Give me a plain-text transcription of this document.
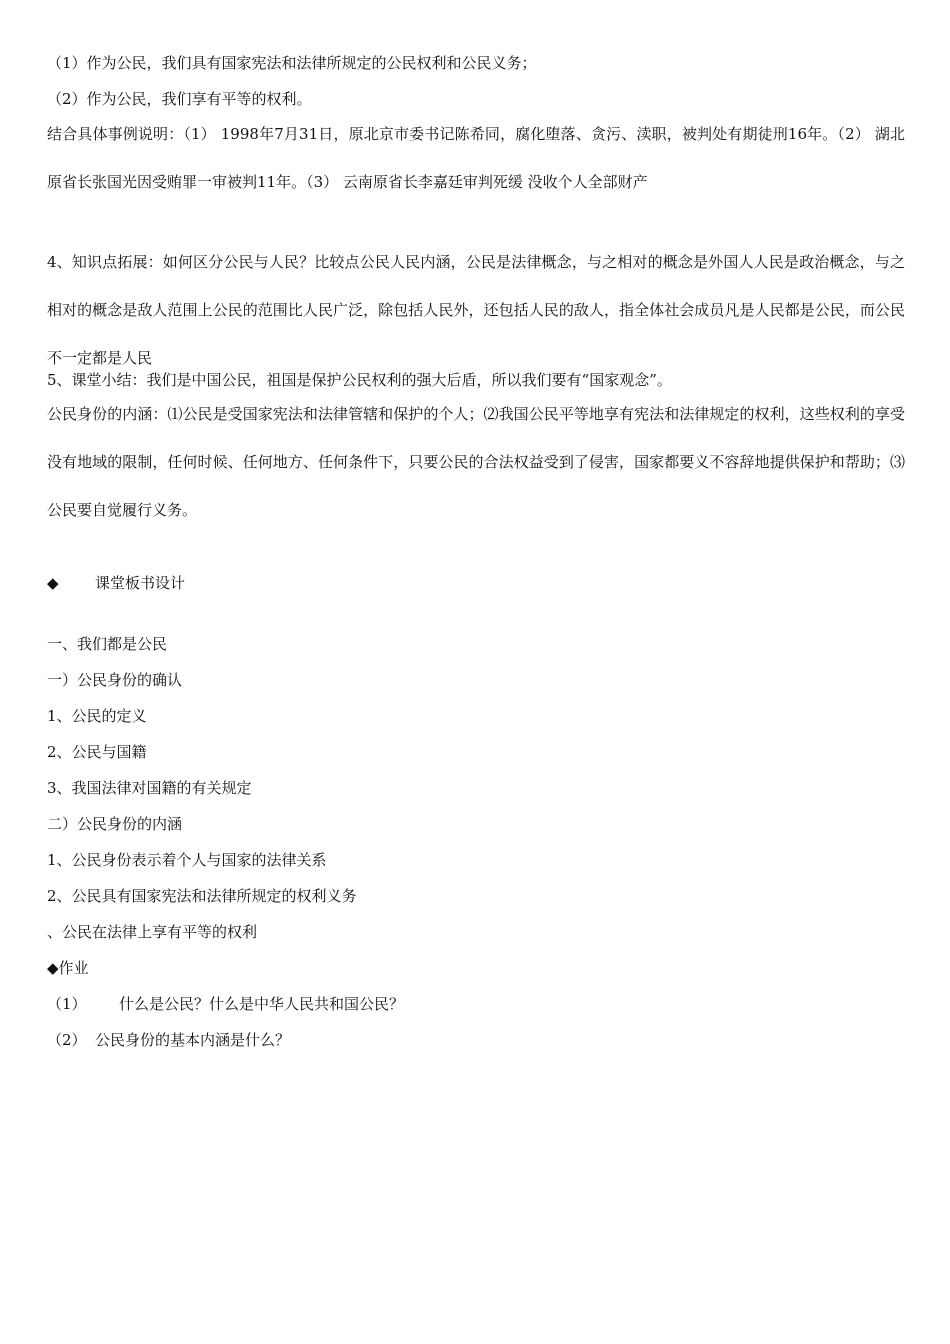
（1）作为公民，我们具有国家宪法和法律所规定的公民权利和公民义务；
（2）作为公民，我们享有平等的权利。
结合具体事例说明：（1） 1998年7月31日，原北京市委书记陈希同，腐化堕落、贪污、渎职，被判处有期徒刑16年。（2） 湖北原省长张国光因受贿罪一审被判11年。（3） 云南原省长李嘉廷审判死缓 没收个人全部财产
4、知识点拓展：如何区分公民与人民？比较点公民人民内涵，公民是法律概念，与之相对的概念是外国人人民是政治概念，与之相对的概念是敌人范围上公民的范围比人民广泛，除包括人民外，还包括人民的敌人，指全体社会成员凡是人民都是公民，而公民不一定都是人民
5、课堂小结：我们是中国公民，祖国是保护公民权利的强大后盾，所以我们要有“国家观念”。
公民身份的内涵：⑴公民是受国家宪法和法律管辖和保护的个人；⑵我国公民平等地享有宪法和法律规定的权利，这些权利的享受没有地域的限制，任何时候、任何地方、任何条件下，只要公民的合法权益受到了侵害，国家都要义不容辞地提供保护和帮助；⑶公民要自觉履行义务。
◆ 课堂板书设计
一、我们都是公民
一）公民身份的确认
1、公民的定义
2、公民与国籍
3、我国法律对国籍的有关规定
二）公民身份的内涵
1、公民身份表示着个人与国家的法律关系
2、公民具有国家宪法和法律所规定的权利义务
、公民在法律上享有平等的权利
◆作业
（1） 什么是公民？什么是中华人民共和国公民？
（2） 公民身份的基本内涵是什么？
